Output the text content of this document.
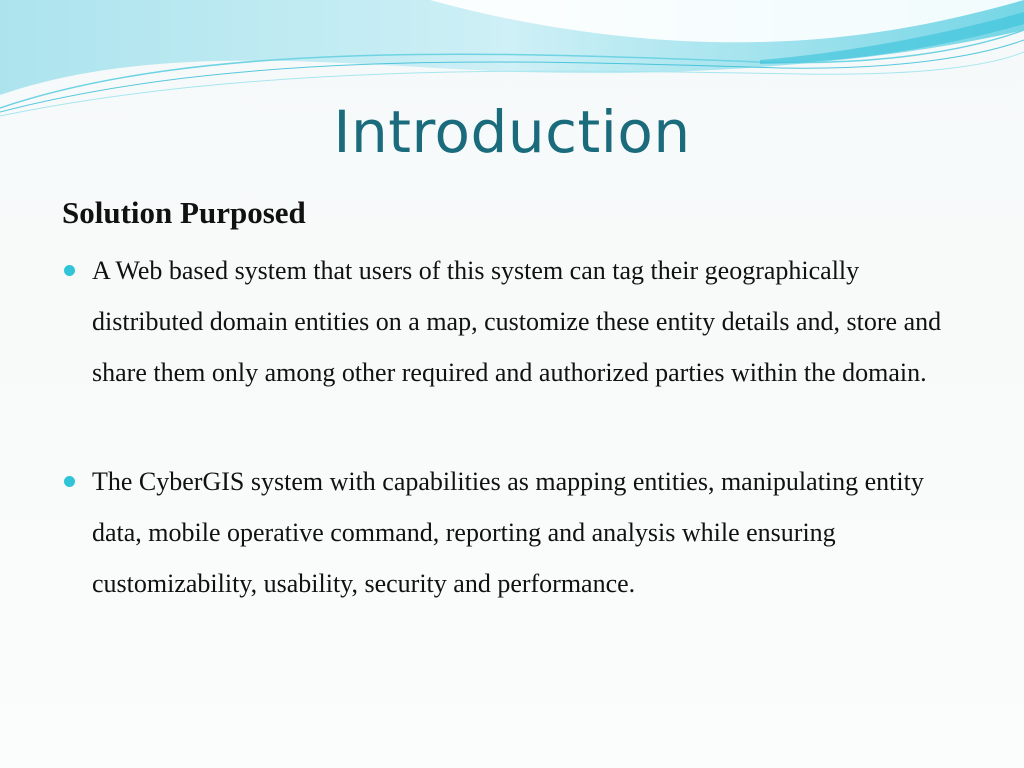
Introduction
Solution Purposed
A Web based system that users of this system can tag their geographically distributed domain entities on a map, customize these entity details and, store and share them only among other required and authorized parties within the domain.
The CyberGIS system with capabilities as mapping entities, manipulating entity data, mobile operative command, reporting and analysis while ensuring customizability, usability, security and performance.
